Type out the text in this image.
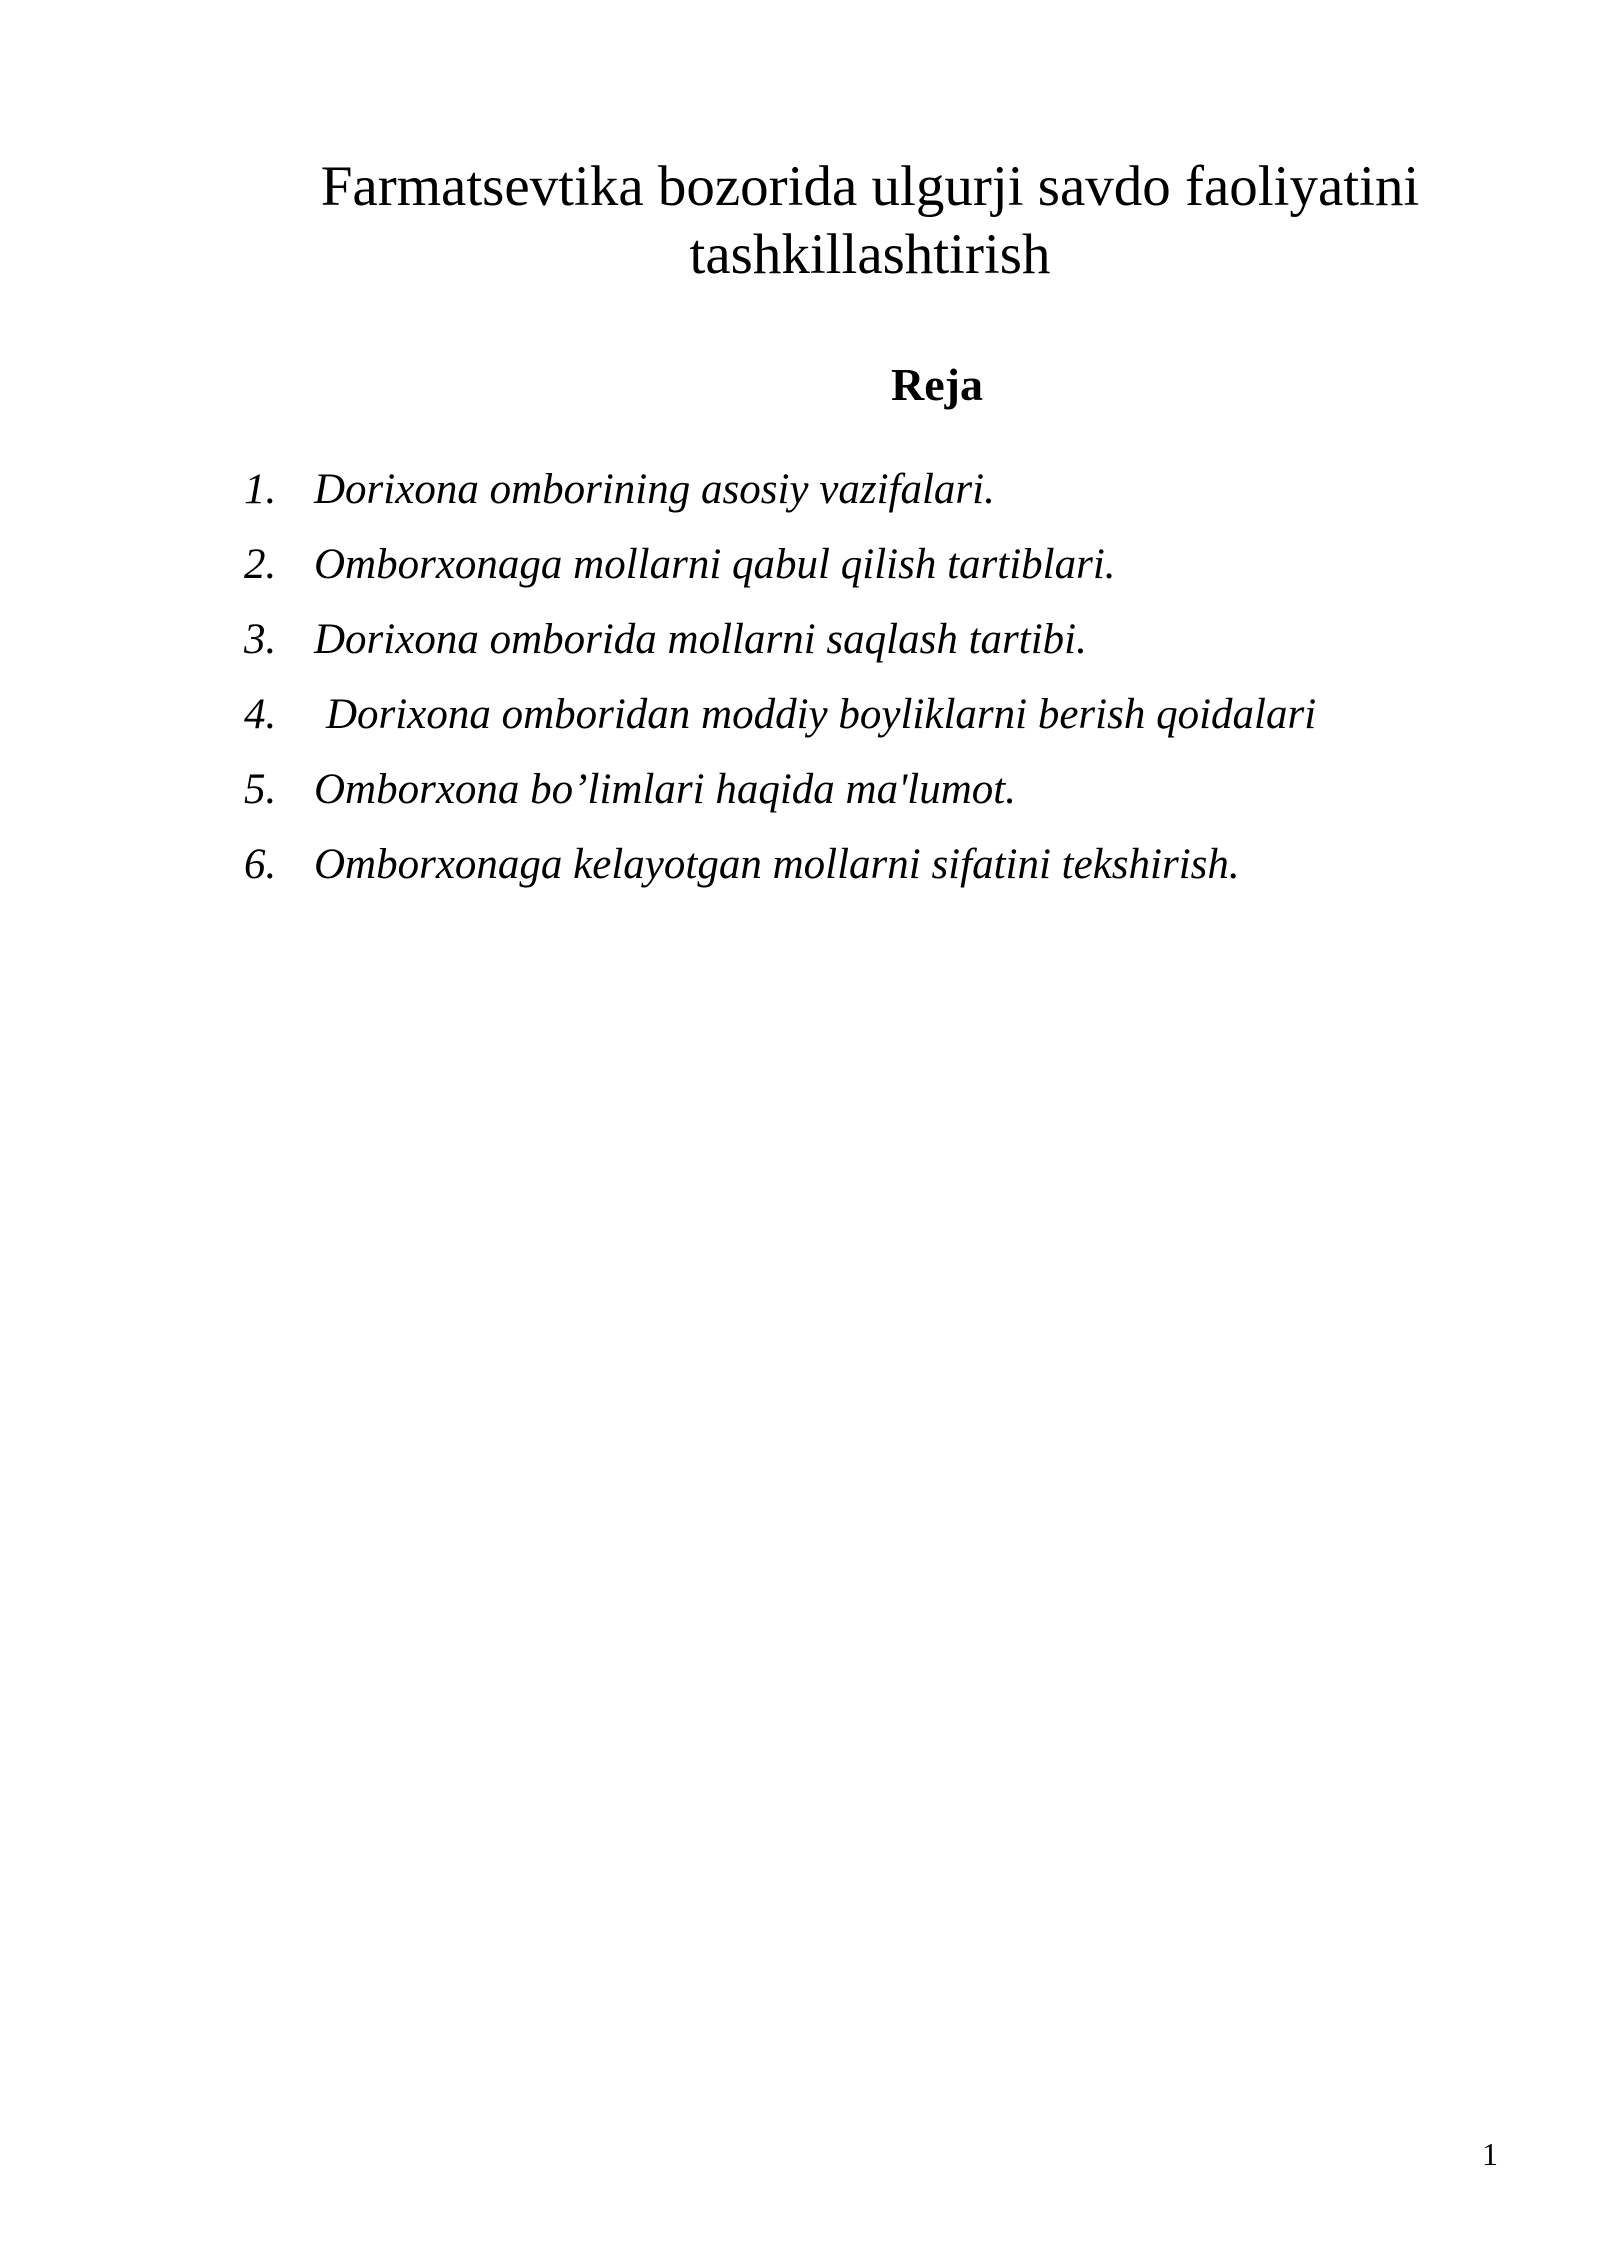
Farmatsevtika bozorida ulgurji savdo faoliyatini
tashkillashtirish
Reja
1. Dorixona omborining asosiy vazifalari.
2. Omborxonaga mollarni qabul qilish tartiblari.
3. Dorixona omborida mollarni saqlash tartibi.
4.	Dorixona omboridan moddiy boyliklarni berish qoidalari
5. Omborxona bo’limlari haqida ma'lumot.
6. Omborxonaga kelayotgan mollarni sifatini tekshirish.
1
